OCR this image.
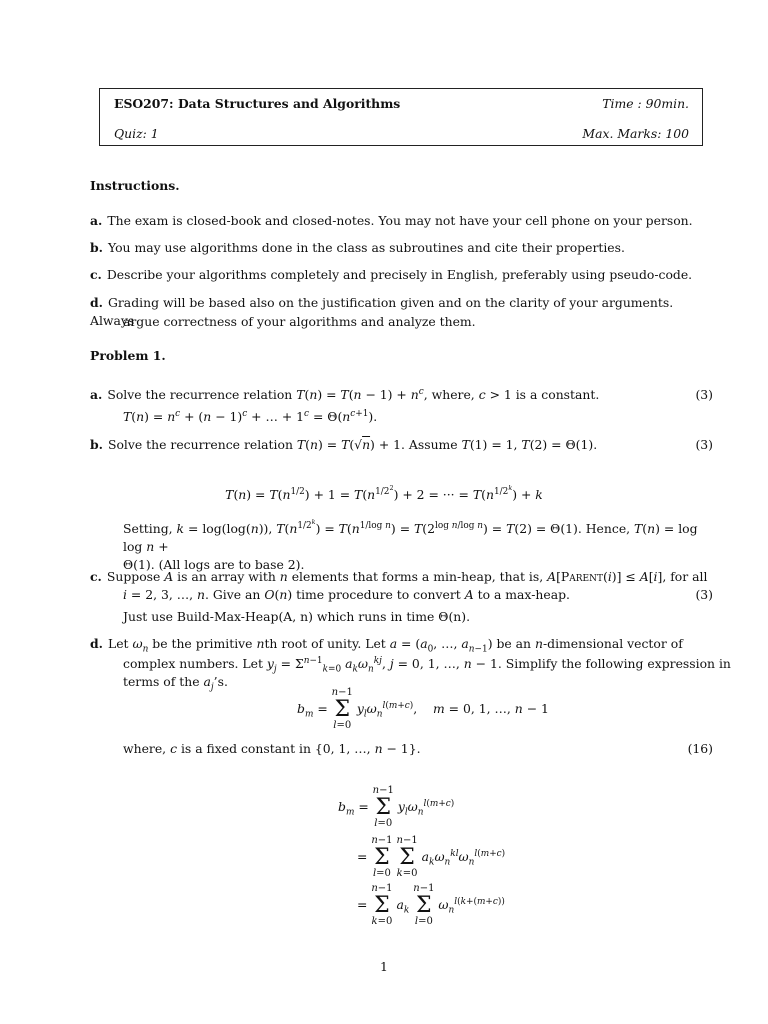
ESO207: Data Structures and Algorithms	Time : 90min.
Quiz: 1	Max. Marks: 100
Instructions.
a. The exam is closed-book and closed-notes. You may not have your cell phone on your person.
b. You may use algorithms done in the class as subroutines and cite their properties.
c. Describe your algorithms completely and precisely in English, preferably using pseudo-code.
d. Grading will be based also on the justification given and on the clarity of your arguments. Always
argue correctness of your algorithms and analyze them.
Problem 1.
a. Solve the recurrence relation $T(n) = T(n - 1) + n^c$, where, c > 1 is a constant.	(3)
$T(n) = n^c + (n - 1)^c$ + … + $1^c = \Theta(n^{c+1})$.
b. Solve the recurrence relation T(n) = T(√n) + 1. Assume T(1) = 1, T(2) = Θ(1).	(3)
$T(n) = T(n^{1/2}) + 1 = T(n^{1/2^2}) + 2$ = ··· = $T(n^{1/2^k}) + k$
Setting, k = log(log(n)), $T(n^{1/2^k}) = T(n^{1/log n}) = T(2^{log n/log n}) = T(2) = \Theta(1)$. Hence, T(n) = log log n +
Θ(1). (All logs are to base 2).
c. Suppose A is an array with n elements that forms a min-heap, that is, A[Parent(i)] ≤ A[i], for all
i = 2, 3, …, n. Give an O(n) time procedure to convert A to a max-heap.	(3)
Just use Build-Max-Heap(A, n) which runs in time Θ(n).
d. Let $\omega_n$ be the primitive nth root of unity. Let $a = (a_0$, …, $a_{n-1}$) be an n-dimensional vector of
complex numbers. Let $y_j = \Sigma^{n-1}_{k=0}$ $a_k\omega_n^{kj}$, j = 0, 1, …, n − 1. Simplify the following expression in
terms of the $a_j’s$.
$b_m = n-1$
Σ
l=0 $y_l\omega_n^{l(m+c)}$,    m = 0, 1, …, n − 1
where, c is a fixed constant in {0, 1, …, n − 1}.	(16)
$b_m = n-1$
Σ
l=0 $y_l\omega_n^{l(m+c)}$
= n−1
Σ
l=0 n−1
Σ
k=0 $a_k\omega_n^{kl}\omega_n^{l(m+c)}$
= n−1
Σ
k=0 $a_k$ n−1
Σ
l=0 $\omega_n^{l(k+(m+c))}$
1
